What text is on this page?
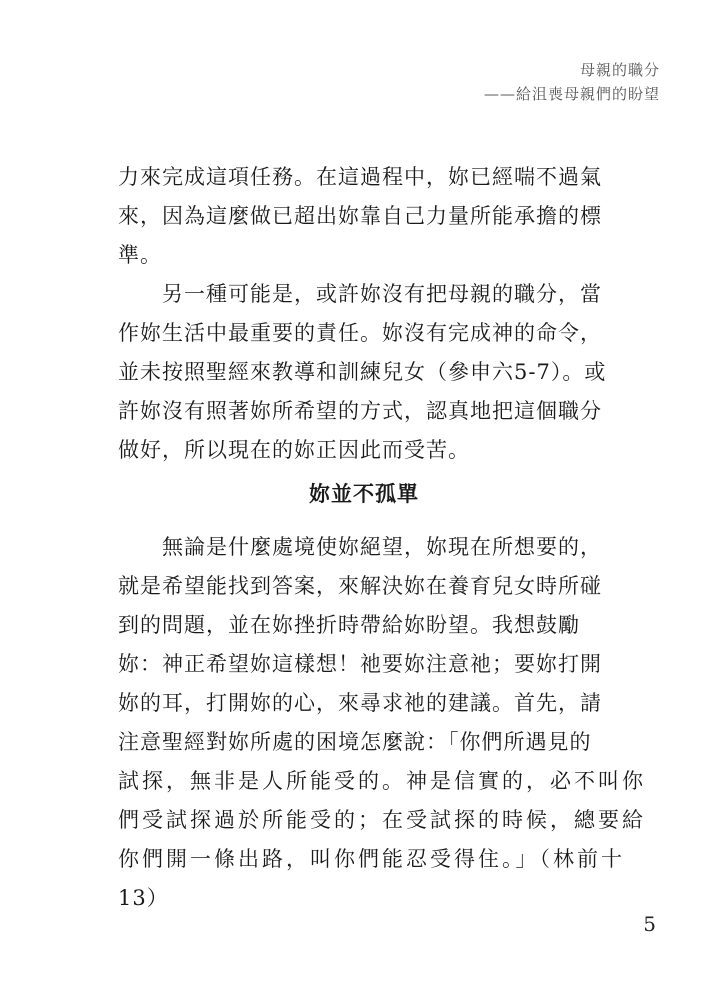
母親的職分
——給沮喪母親們的盼望
力來完成這項任務。在這過程中，妳已經喘不過氣
來，因為這麼做已超出妳靠自己力量所能承擔的標
準。
　　另一種可能是，或許妳沒有把母親的職分，當
作妳生活中最重要的責任。妳沒有完成神的命令，
並未按照聖經來教導和訓練兒女（參申六5-7）。或
許妳沒有照著妳所希望的方式，認真地把這個職分
做好，所以現在的妳正因此而受苦。
妳並不孤單
　　無論是什麼處境使妳絕望，妳現在所想要的，
就是希望能找到答案，來解決妳在養育兒女時所碰
到的問題，並在妳挫折時帶給妳盼望。我想鼓勵
妳：神正希望妳這樣想！祂要妳注意祂；要妳打開
妳的耳，打開妳的心，來尋求祂的建議。首先，請
注意聖經對妳所處的困境怎麼說：「你們所遇見的
試探，無非是人所能受的。神是信實的，必不叫你
們受試探過於所能受的；在受試探的時候，總要給
你們開一條出路，叫你們能忍受得住。」（林前十
13）
5
